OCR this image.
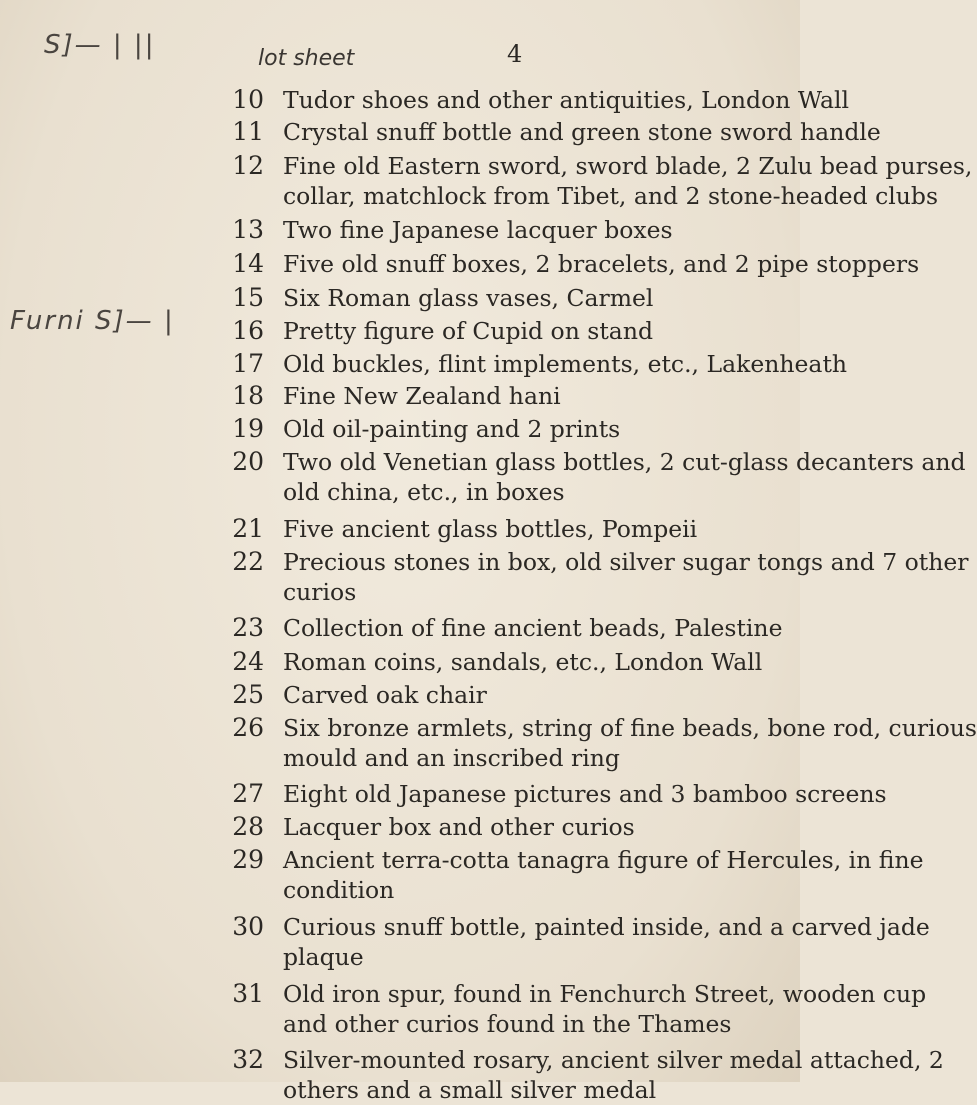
S]— | ||
Furni S]— |
lot sheet	4
10 Tudor shoes and other antiquities, London Wall
11 Crystal snuff bottle and green stone sword handle
12 Fine old Eastern sword, sword blade, 2 Zulu bead purses,
collar, matchlock from Tibet, and 2 stone-headed clubs
13 Two fine Japanese lacquer boxes
14 Five old snuff boxes, 2 bracelets, and 2 pipe stoppers
15 Six Roman glass vases, Carmel
16 Pretty figure of Cupid on stand
17 Old buckles, flint implements, etc., Lakenheath
18 Fine New Zealand hani
19 Old oil-painting and 2 prints
20 Two old Venetian glass bottles, 2 cut-glass decanters and
old china, etc., in boxes
21 Five ancient glass bottles, Pompeii
22 Precious stones in box, old silver sugar tongs and 7 other
curios
23 Collection of fine ancient beads, Palestine
24 Roman coins, sandals, etc., London Wall
25 Carved oak chair
26 Six bronze armlets, string of fine beads, bone rod, curious
mould and an inscribed ring
27 Eight old Japanese pictures and 3 bamboo screens
28 Lacquer box and other curios
29 Ancient terra-cotta tanagra figure of Hercules, in fine
condition
30 Curious snuff bottle, painted inside, and a carved jade
plaque
31 Old iron spur, found in Fenchurch Street, wooden cup
and other curios found in the Thames
32 Silver-mounted rosary, ancient silver medal attached, 2
others and a small silver medal
